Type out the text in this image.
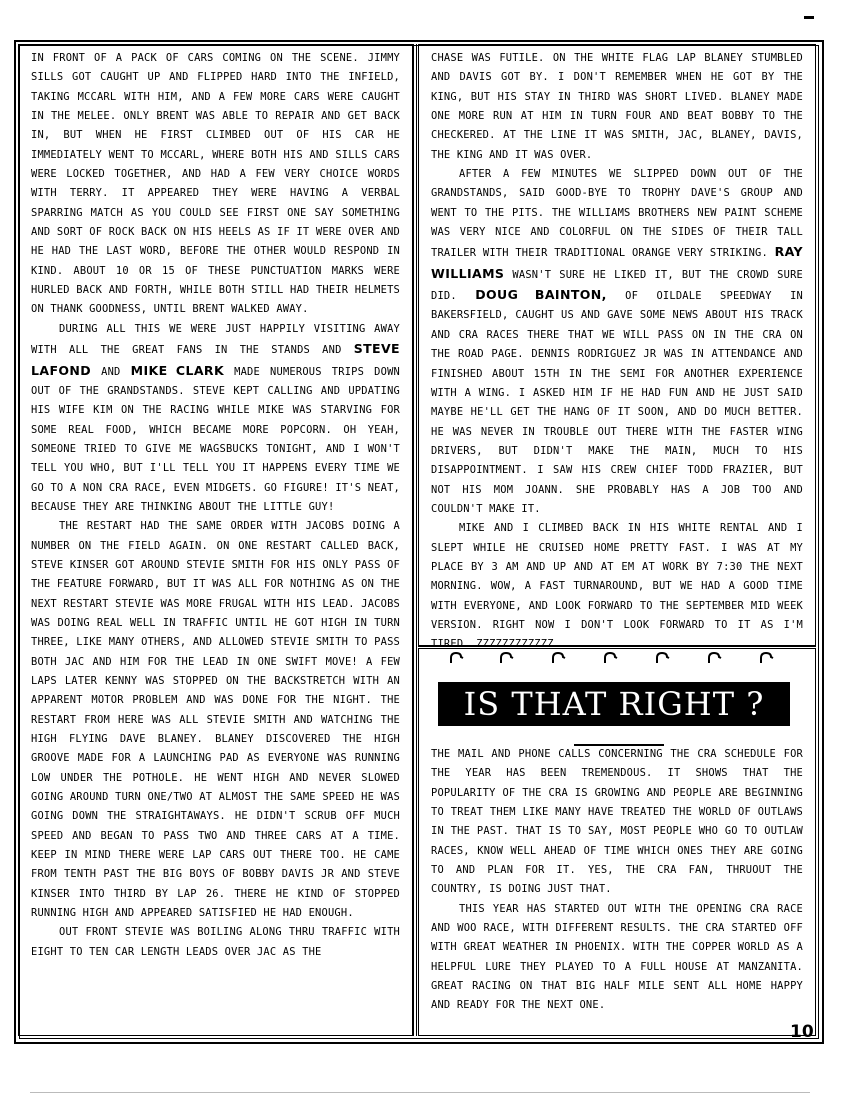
IN FRONT OF A PACK OF CARS COMING ON THE SCENE. JIMMY SILLS GOT CAUGHT UP AND FLIPPED HARD INTO THE INFIELD, TAKING MCCARL WITH HIM, AND A FEW MORE CARS WERE CAUGHT IN THE MELEE. ONLY BRENT WAS ABLE TO REPAIR AND GET BACK IN, BUT WHEN HE FIRST CLIMBED OUT OF HIS CAR HE IMMEDIATELY WENT TO MCCARL, WHERE BOTH HIS AND SILLS CARS WERE LOCKED TOGETHER, AND HAD A FEW VERY CHOICE WORDS WITH TERRY. IT APPEARED THEY WERE HAVING A VERBAL SPARRING MATCH AS YOU COULD SEE FIRST ONE SAY SOMETHING AND SORT OF ROCK BACK ON HIS HEELS AS IF IT WERE OVER AND HE HAD THE LAST WORD, BEFORE THE OTHER WOULD RESPOND IN KIND. ABOUT 10 OR 15 OF THESE PUNCTUATION MARKS WERE HURLED BACK AND FORTH, WHILE BOTH STILL HAD THEIR HELMETS ON THANK GOODNESS, UNTIL BRENT WALKED AWAY.

DURING ALL THIS WE WERE JUST HAPPILY VISITING AWAY WITH ALL THE GREAT FANS IN THE STANDS AND STEVE LAFOND AND MIKE CLARK MADE NUMEROUS TRIPS DOWN OUT OF THE GRANDSTANDS. STEVE KEPT CALLING AND UPDATING HIS WIFE KIM ON THE RACING WHILE MIKE WAS STARVING FOR SOME REAL FOOD, WHICH BECAME MORE POPCORN. OH YEAH, SOMEONE TRIED TO GIVE ME WAGSBUCKS TONIGHT, AND I WON'T TELL YOU WHO, BUT I'LL TELL YOU IT HAPPENS EVERY TIME WE GO TO A NON CRA RACE, EVEN MIDGETS. GO FIGURE! IT'S NEAT, BECAUSE THEY ARE THINKING ABOUT THE LITTLE GUY!

THE RESTART HAD THE SAME ORDER WITH JACOBS DOING A NUMBER ON THE FIELD AGAIN. ON ONE RESTART CALLED BACK, STEVE KINSER GOT AROUND STEVIE SMITH FOR HIS ONLY PASS OF THE FEATURE FORWARD, BUT IT WAS ALL FOR NOTHING AS ON THE NEXT RESTART STEVIE WAS MORE FRUGAL WITH HIS LEAD. JACOBS WAS DOING REAL WELL IN TRAFFIC UNTIL HE GOT HIGH IN TURN THREE, LIKE MANY OTHERS, AND ALLOWED STEVIE SMITH TO PASS BOTH JAC AND HIM FOR THE LEAD IN ONE SWIFT MOVE! A FEW LAPS LATER KENNY WAS STOPPED ON THE BACKSTRETCH WITH AN APPARENT MOTOR PROBLEM AND WAS DONE FOR THE NIGHT. THE RESTART FROM HERE WAS ALL STEVIE SMITH AND WATCHING THE HIGH FLYING DAVE BLANEY. BLANEY DISCOVERED THE HIGH GROOVE MADE FOR A LAUNCHING PAD AS EVERYONE WAS RUNNING LOW UNDER THE POTHOLE. HE WENT HIGH AND NEVER SLOWED GOING AROUND TURN ONE/TWO AT ALMOST THE SAME SPEED HE WAS GOING DOWN THE STRAIGHTAWAYS. HE DIDN'T SCRUB OFF MUCH SPEED AND BEGAN TO PASS TWO AND THREE CARS AT A TIME. KEEP IN MIND THERE WERE LAP CARS OUT THERE TOO. HE CAME FROM TENTH PAST THE BIG BOYS OF BOBBY DAVIS JR AND STEVE KINSER INTO THIRD BY LAP 26. THERE HE KIND OF STOPPED RUNNING HIGH AND APPEARED SATISFIED HE HAD ENOUGH.

OUT FRONT STEVIE WAS BOILING ALONG THRU TRAFFIC WITH EIGHT TO TEN CAR LENGTH LEADS OVER JAC AS THE

CHASE WAS FUTILE. ON THE WHITE FLAG LAP BLANEY STUMBLED AND DAVIS GOT BY. I DON'T REMEMBER WHEN HE GOT BY THE KING, BUT HIS STAY IN THIRD WAS SHORT LIVED. BLANEY MADE ONE MORE RUN AT HIM IN TURN FOUR AND BEAT BOBBY TO THE CHECKERED. AT THE LINE IT WAS SMITH, JAC, BLANEY, DAVIS, THE KING AND IT WAS OVER.

AFTER A FEW MINUTES WE SLIPPED DOWN OUT OF THE GRANDSTANDS, SAID GOOD-BYE TO TROPHY DAVE'S GROUP AND WENT TO THE PITS. THE WILLIAMS BROTHERS NEW PAINT SCHEME WAS VERY NICE AND COLORFUL ON THE SIDES OF THEIR TALL TRAILER WITH THEIR TRADITIONAL ORANGE VERY STRIKING. RAY WILLIAMS WASN'T SURE HE LIKED IT, BUT THE CROWD SURE DID. DOUG BAINTON, OF OILDALE SPEEDWAY IN BAKERSFIELD, CAUGHT US AND GAVE SOME NEWS ABOUT HIS TRACK AND CRA RACES THERE THAT WE WILL PASS ON IN THE CRA ON THE ROAD PAGE. DENNIS RODRIGUEZ JR WAS IN ATTENDANCE AND FINISHED ABOUT 15TH IN THE SEMI FOR ANOTHER EXPERIENCE WITH A WING. I ASKED HIM IF HE HAD FUN AND HE JUST SAID MAYBE HE'LL GET THE HANG OF IT SOON, AND DO MUCH BETTER. HE WAS NEVER IN TROUBLE OUT THERE WITH THE FASTER WING DRIVERS, BUT DIDN'T MAKE THE MAIN, MUCH TO HIS DISAPPOINTMENT. I SAW HIS CREW CHIEF TODD FRAZIER, BUT NOT HIS MOM JOANN. SHE PROBABLY HAS A JOB TOO AND COULDN'T MAKE IT.

MIKE AND I CLIMBED BACK IN HIS WHITE RENTAL AND I SLEPT WHILE HE CRUISED HOME PRETTY FAST. I WAS AT MY PLACE BY 3 AM AND UP AND AT EM AT WORK BY 7:30 THE NEXT MORNING. WOW, A FAST TURNAROUND, BUT WE HAD A GOOD TIME WITH EVERYONE, AND LOOK FORWARD TO THE SEPTEMBER MID WEEK VERSION. RIGHT NOW I DON'T LOOK FORWARD TO IT AS I'M

THE MAIL AND PHONE CALLS CONCERNING THE CRA SCHEDULE FOR THE YEAR HAS BEEN TREMENDOUS. IT SHOWS THAT THE POPULARITY OF THE CRA IS GROWING AND PEOPLE ARE BEGINNING TO TREAT THEM LIKE MANY HAVE TREATED THE WORLD OF OUTLAWS IN THE PAST. THAT IS TO SAY, MOST PEOPLE WHO GO TO OUTLAW RACES, KNOW WELL AHEAD OF TIME WHICH ONES THEY ARE GOING TO AND PLAN FOR IT. YES, THE CRA FAN, THRUOUT THE COUNTRY, IS DOING JUST THAT.

THIS YEAR HAS STARTED OUT WITH THE OPENING CRA RACE AND WOO RACE, WITH DIFFERENT RESULTS. THE CRA STARTED OFF WITH GREAT WEATHER IN PHOENIX. WITH THE COPPER WORLD AS A HELPFUL LURE THEY PLAYED TO A FULL HOUSE AT MANZANITA. GREAT RACING ON THAT BIG HALF MILE SENT ALL HOME HAPPY AND READY FOR THE NEXT ONE.

IS THAT RIGHT ?
10
